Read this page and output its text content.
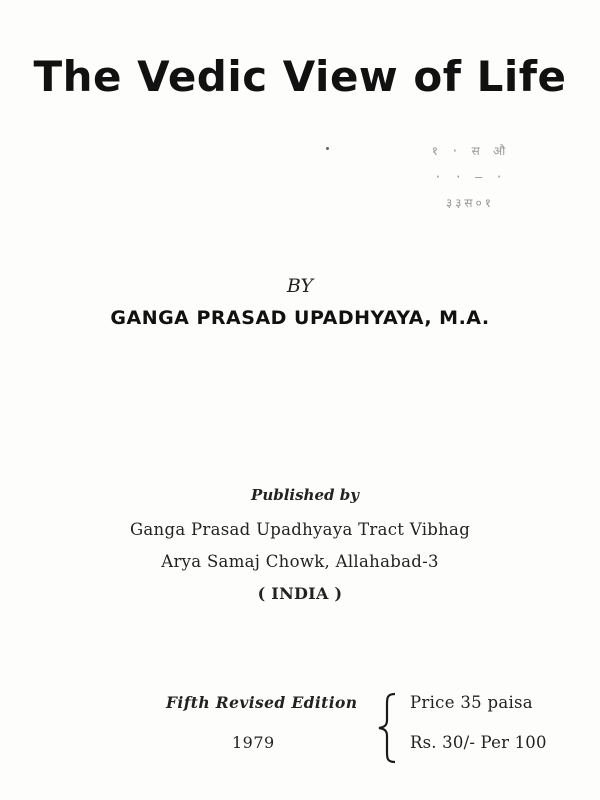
The Vedic View of Life
१ · स औ
· · — ·
३३स०१
BY
GANGA PRASAD UPADHYAYA, M.A.
Published by
Ganga Prasad Upadhyaya Tract Vibhag
Arya Samaj Chowk, Allahabad-3
( INDIA )
Fifth Revised Edition
1979
Price 35 paisa
Rs. 30/- Per 100
